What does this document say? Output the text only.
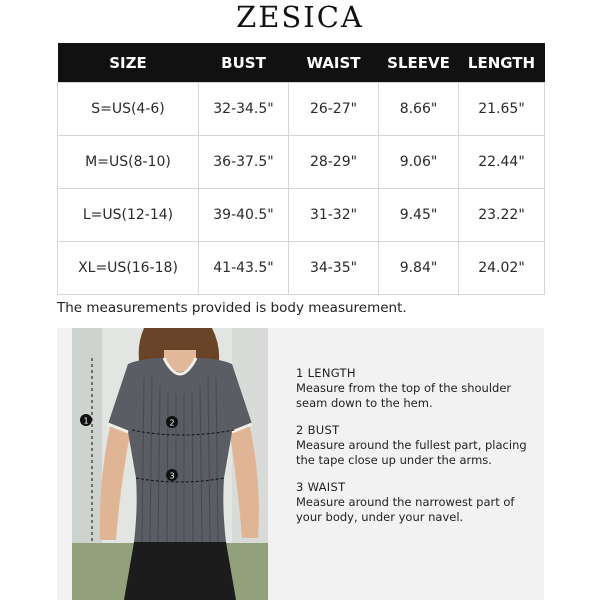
ZESICA
SIZE	BUST	WAIST	SLEEVE	LENGTH
S=US(4-6)	32-34.5"	26-27"	8.66"	21.65"
M=US(8-10)	36-37.5"	28-29"	9.06"	22.44"
L=US(12-14)	39-40.5"	31-32"	9.45"	23.22"
XL=US(16-18)	41-43.5"	34-35"	9.84"	24.02"
The measurements provided is body measurement.
1	2
3
1 LENGTH
Measure from the top of the shoulder seam down to the hem.
2 BUST
Measure around the fullest part, placing the tape close up under the arms.
3 WAIST
Measure around the narrowest part of your body, under your navel.
